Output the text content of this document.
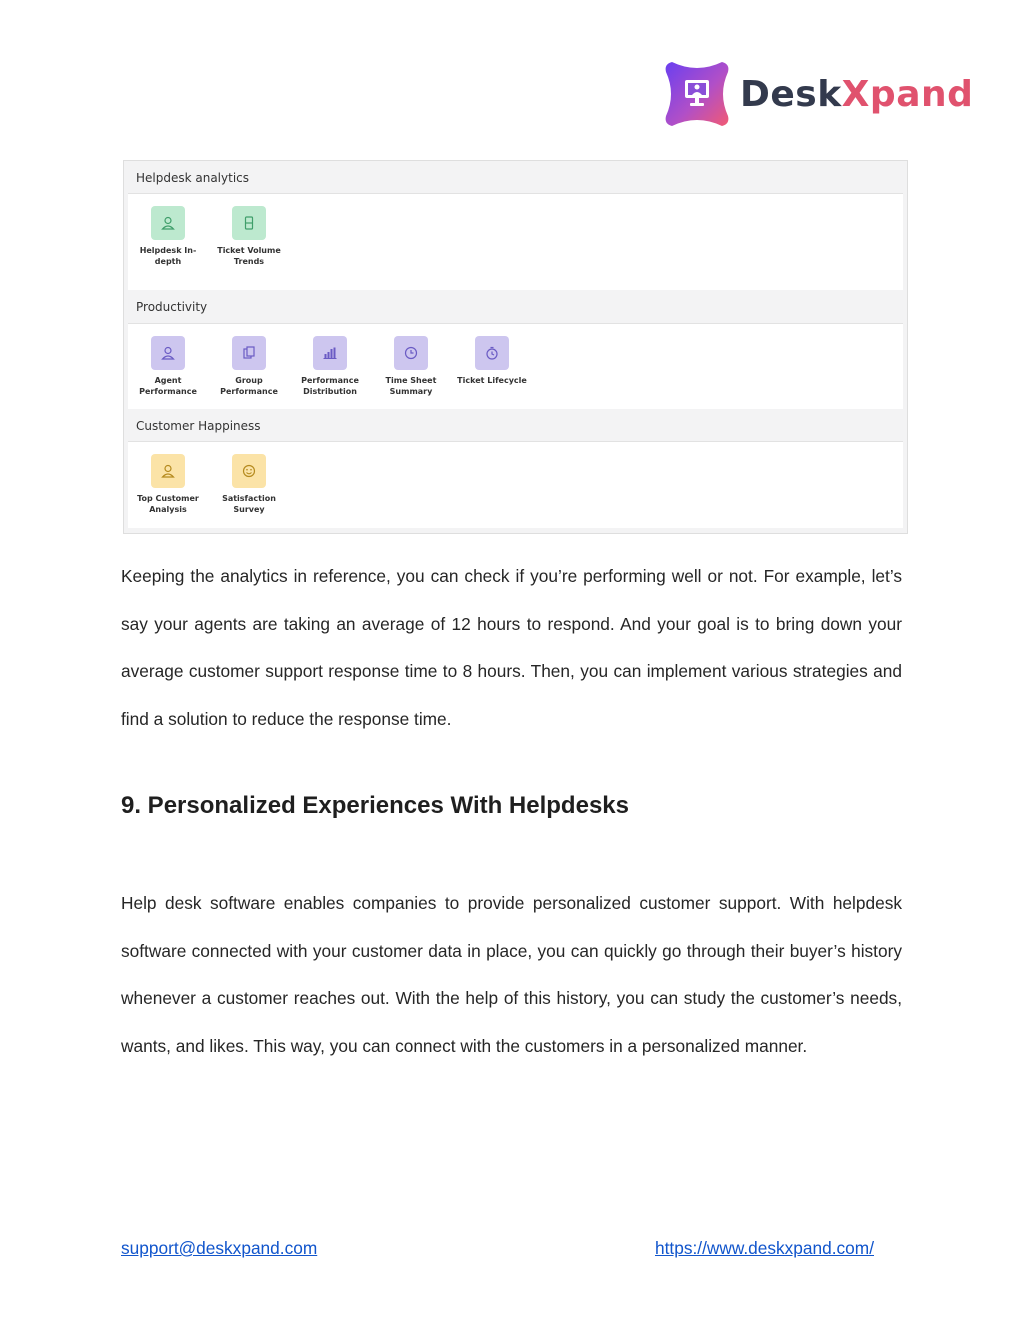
DeskXpand
Helpdesk analytics
Helpdesk In-depth
Ticket Volume Trends
Productivity
Agent Performance
Group Performance
Performance Distribution
Time Sheet Summary
Ticket Lifecycle
Customer Happiness
Top Customer Analysis
Satisfaction Survey

Keeping the analytics in reference, you can check if you’re performing well or not. For example, let’s say your agents are taking an average of 12 hours to respond. And your goal is to bring down your average customer support response time to 8 hours. Then, you can implement various strategies and find a solution to reduce the response time.

9. Personalized Experiences With Helpdesks

Help desk software enables companies to provide personalized customer support. With helpdesk software connected with your customer data in place, you can quickly go through their buyer’s history whenever a customer reaches out. With the help of this history, you can study the customer’s needs, wants, and likes. This way, you can connect with the customers in a personalized manner.

support@deskxpand.com	https://www.deskxpand.com/
